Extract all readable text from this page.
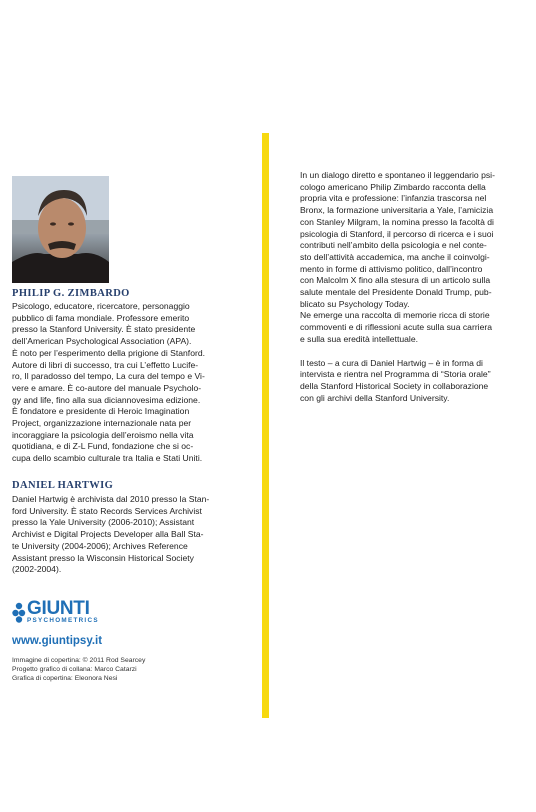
PHILIP G. ZIMBARDO

Psicologo, educatore, ricercatore, personaggio
pubblico di fama mondiale. Professore emerito
presso la Stanford University. È stato presidente
dell’American Psychological Association (APA).
È noto per l’esperimento della prigione di Stanford.
Autore di libri di successo, tra cui L’effetto Lucife-
ro, Il paradosso del tempo, La cura del tempo e Vi-
vere e amare. È co-autore del manuale Psycholo-
gy and life, fino alla sua diciannovesima edizione.
È fondatore e presidente di Heroic Imagination
Project, organizzazione internazionale nata per
incoraggiare la psicologia dell’eroismo nella vita
quotidiana, e di Z-L Fund, fondazione che si oc-
cupa dello scambio culturale tra Italia e Stati Uniti.

DANIEL HARTWIG

Daniel Hartwig è archivista dal 2010 presso la Stan-
ford University. È stato Records Services Archivist
presso la Yale University (2006-2010); Assistant
Archivist e Digital Projects Developer alla Ball Sta-
te University (2004-2006); Archives Reference
Assistant presso la Wisconsin Historical Society
(2002-2004).

GIUNTI
PSYCHOMETRICS
www.giuntipsy.it
Immagine di copertina: © 2011 Rod Searcey
Progetto grafico di collana: Marco Catarzi
Grafica di copertina: Eleonora Nesi

In un dialogo diretto e spontaneo il leggendario psi-
cologo americano Philip Zimbardo racconta della
propria vita e professione: l’infanzia trascorsa nel
Bronx, la formazione universitaria a Yale, l’amicizia
con Stanley Milgram, la nomina presso la facoltà di
psicologia di Stanford, il percorso di ricerca e i suoi
contributi nell’ambito della psicologia e nel conte-
sto dell’attività accademica, ma anche il coinvolgi-
mento in forme di attivismo politico, dall’incontro
con Malcolm X fino alla stesura di un articolo sulla
salute mentale del Presidente Donald Trump, pub-
blicato su Psychology Today.
Ne emerge una raccolta di memorie ricca di storie
commoventi e di riflessioni acute sulla sua carriera
e sulla sua eredità intellettuale.

Il testo – a cura di Daniel Hartwig – è in forma di
intervista e rientra nel Programma di “Storia orale”
della Stanford Historical Society in collaborazione
con gli archivi della Stanford University.
